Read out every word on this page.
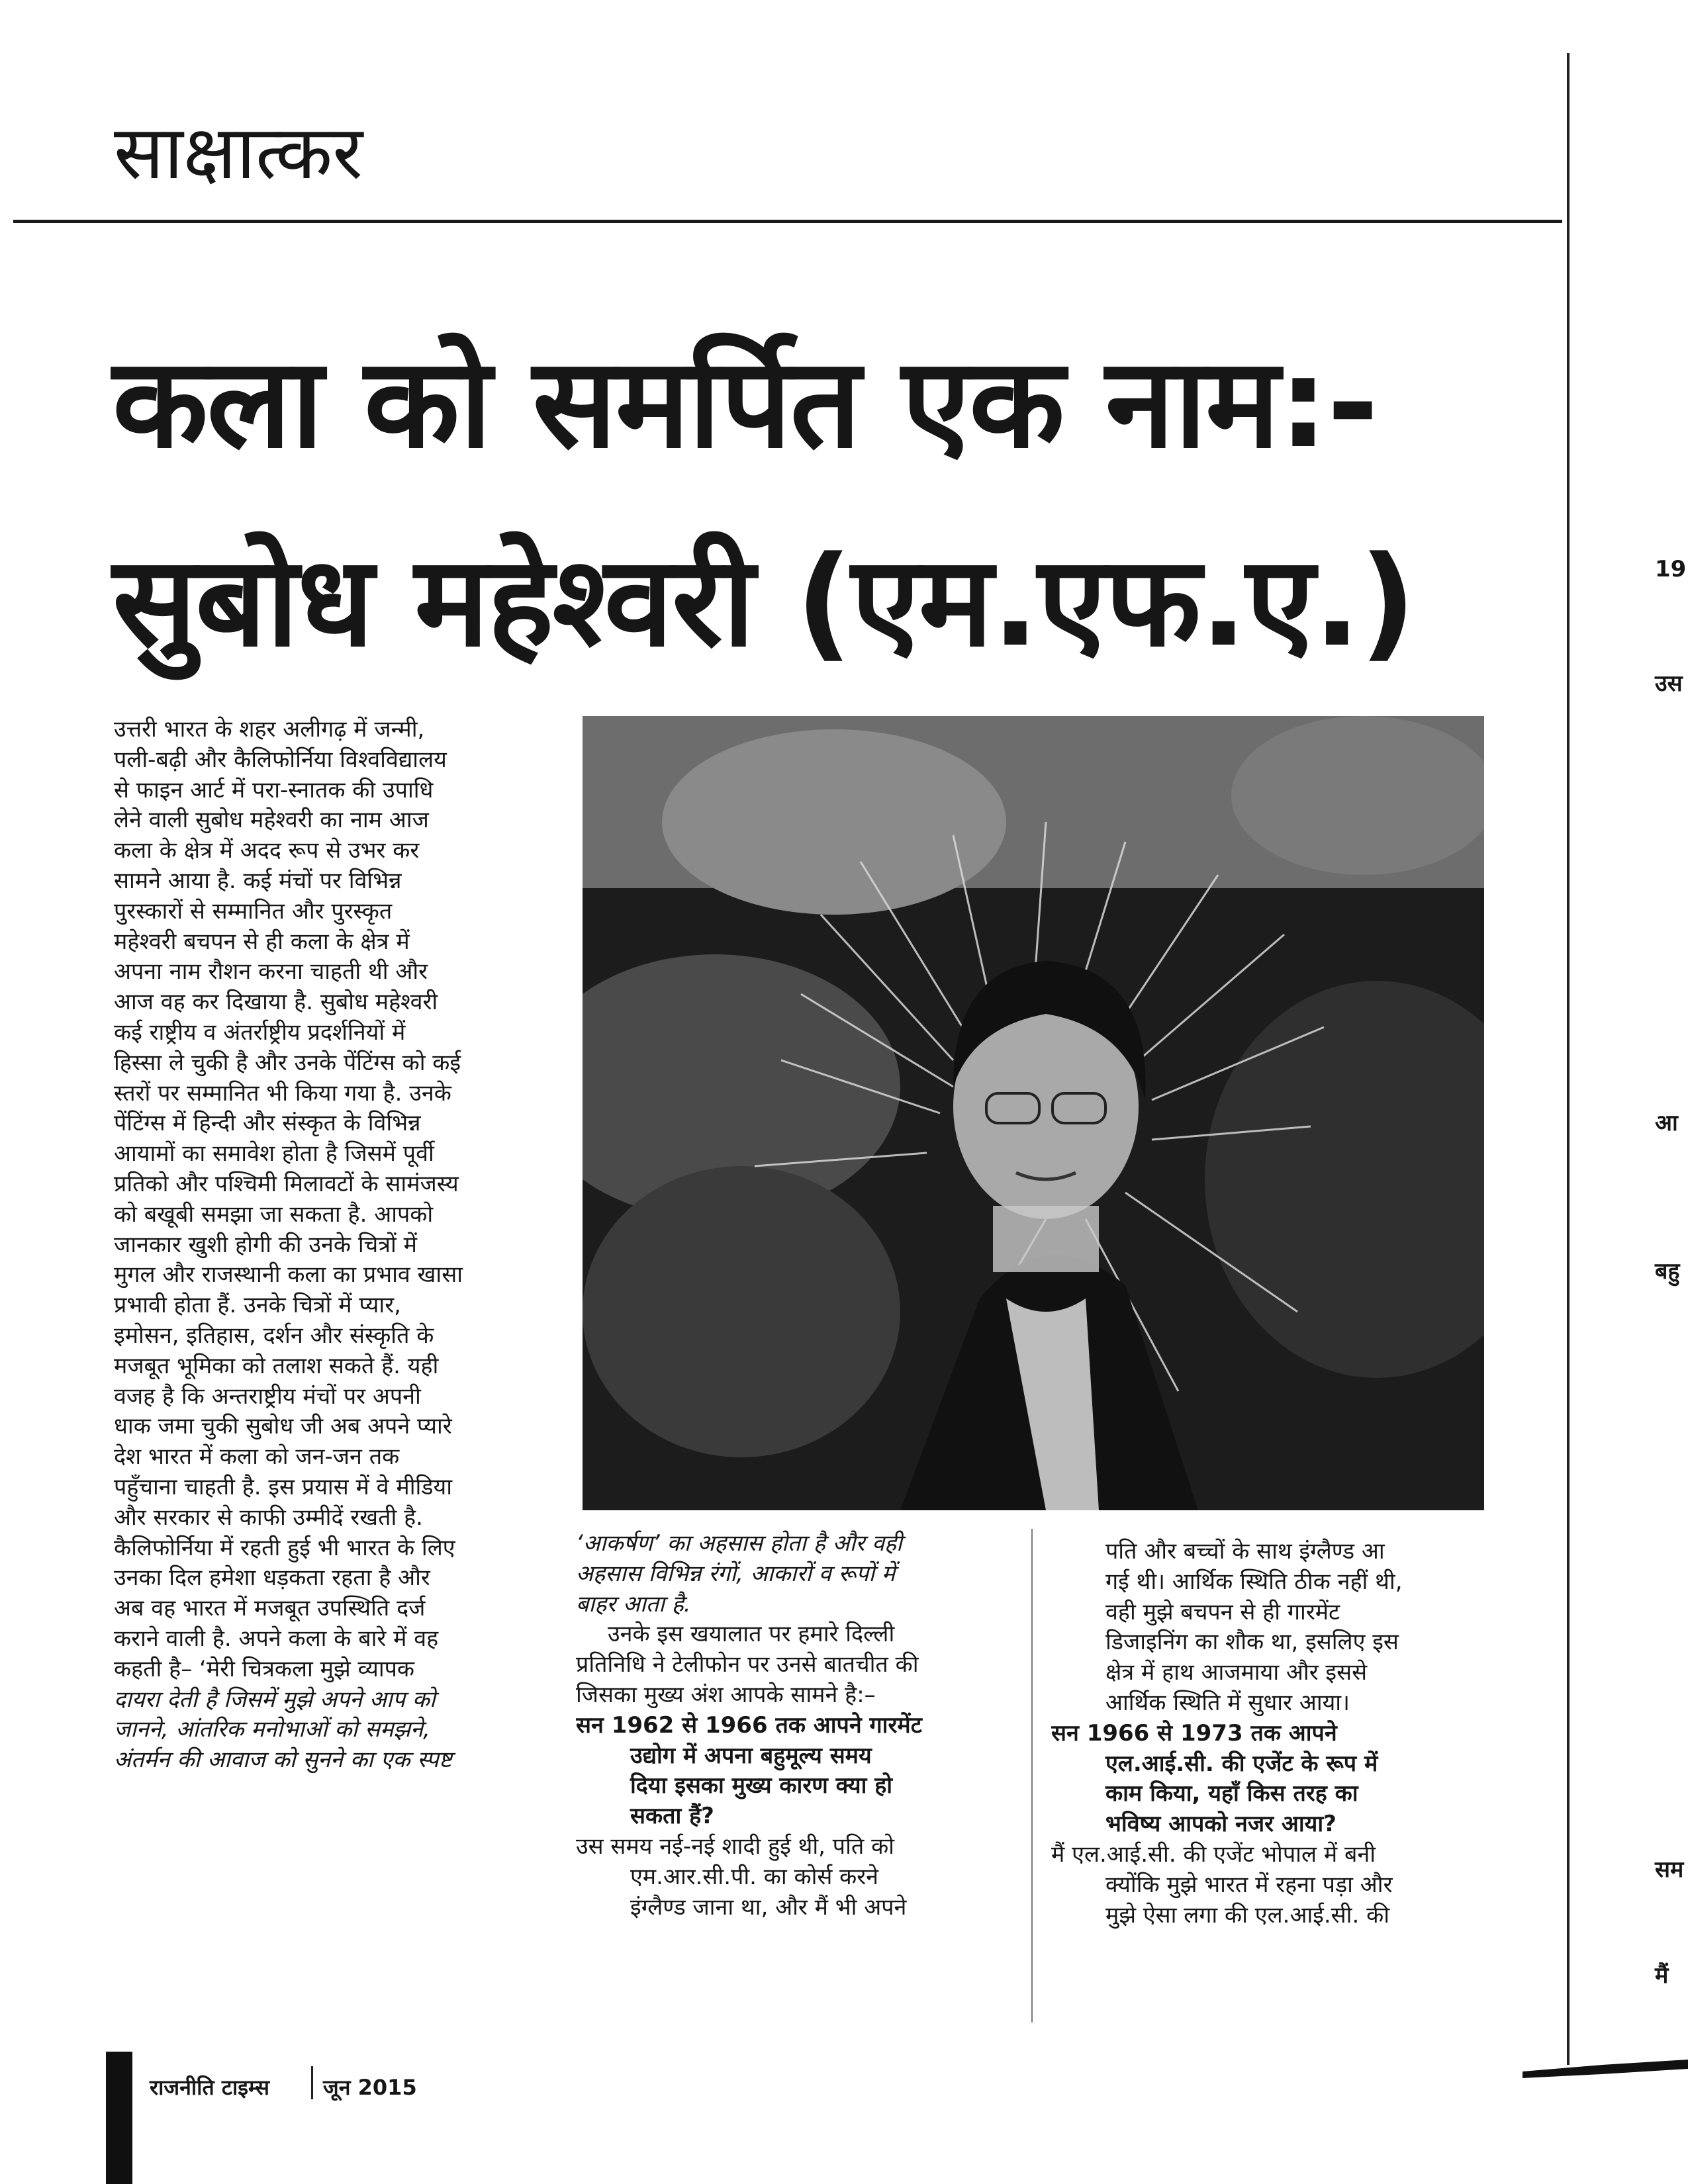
साक्षात्कर
कला को समर्पित एक नाम:-
सुबोध महेश्वरी (एम.एफ.ए.)
उत्तरी भारत के शहर अलीगढ़ में जन्मी,
पली-बढ़ी और कैलिफोर्निया विश्वविद्यालय
से फाइन आर्ट में परा-स्नातक की उपाधि
लेने वाली सुबोध महेश्वरी का नाम आज
कला के क्षेत्र में अदद रूप से उभर कर
सामने आया है. कई मंचों पर विभिन्न
पुरस्कारों से सम्मानित और पुरस्कृत
महेश्वरी बचपन से ही कला के क्षेत्र में
अपना नाम रौशन करना चाहती थी और
आज वह कर दिखाया है. सुबोध महेश्वरी
कई राष्ट्रीय व अंतर्राष्ट्रीय प्रदर्शनियों में
हिस्सा ले चुकी है और उनके पेंटिंग्स को कई
स्तरों पर सम्मानित भी किया गया है. उनके
पेंटिंग्स में हिन्दी और संस्कृत के विभिन्न
आयामों का समावेश होता है जिसमें पूर्वी
प्रतिको और पश्चिमी मिलावटों के सामंजस्य
को बखूबी समझा जा सकता है. आपको
जानकार खुशी होगी की उनके चित्रों में
मुगल और राजस्थानी कला का प्रभाव खासा
प्रभावी होता हैं. उनके चित्रों में प्यार,
इमोसन, इतिहास, दर्शन और संस्कृति के
मजबूत भूमिका को तलाश सकते हैं. यही
वजह है कि अन्तराष्ट्रीय मंचों पर अपनी
धाक जमा चुकी सुबोध जी अब अपने प्यारे
देश भारत में कला को जन-जन तक
पहुँचाना चाहती है. इस प्रयास में वे मीडिया
और सरकार से काफी उम्मीदें रखती है.
कैलिफोर्निया में रहती हुई भी भारत के लिए
उनका दिल हमेशा धड़कता रहता है और
अब वह भारत में मजबूत उपस्थिति दर्ज
कराने वाली है. अपने कला के बारे में वह
कहती है– ‘मेरी चित्रकला मुझे व्यापक
दायरा देती है जिसमें मुझे अपने आप को
जानने, आंतरिक मनोभाओं को समझने,
अंतर्मन की आवाज को सुनने का एक स्पष्ट
‘आकर्षण’ का अहसास होता है और वही
अहसास विभिन्न रंगों, आकारों व रूपों में
बाहर आता है.
उनके इस खयालात पर हमारे दिल्ली
प्रतिनिधि ने टेलीफोन पर उनसे बातचीत की
जिसका मुख्य अंश आपके सामने है:–
सन 1962 से 1966 तक आपने गारमेंट
उद्योग में अपना बहुमूल्य समय
दिया इसका मुख्य कारण क्या हो
सकता हैं?
उस समय नई-नई शादी हुई थी, पति को
एम.आर.सी.पी. का कोर्स करने
इंग्लैण्ड जाना था, और मैं भी अपने
पति और बच्चों के साथ इंग्लैण्ड आ
गई थी। आर्थिक स्थिति ठीक नहीं थी,
वही मुझे बचपन से ही गारमेंट
डिजाइनिंग का शौक था, इसलिए इस
क्षेत्र में हाथ आजमाया और इससे
आर्थिक स्थिति में सुधार आया।
सन 1966 से 1973 तक आपने
एल.आई.सी. की एजेंट के रूप में
काम किया, यहाँ किस तरह का
भविष्य आपको नजर आया?
मैं एल.आई.सी. की एजेंट भोपाल में बनी
क्योंकि मुझे भारत में रहना पड़ा और
मुझे ऐसा लगा की एल.आई.सी. की
राजनीति टाइम्स	जून 2015
19
उस
आ
बहु
सम
मैं
